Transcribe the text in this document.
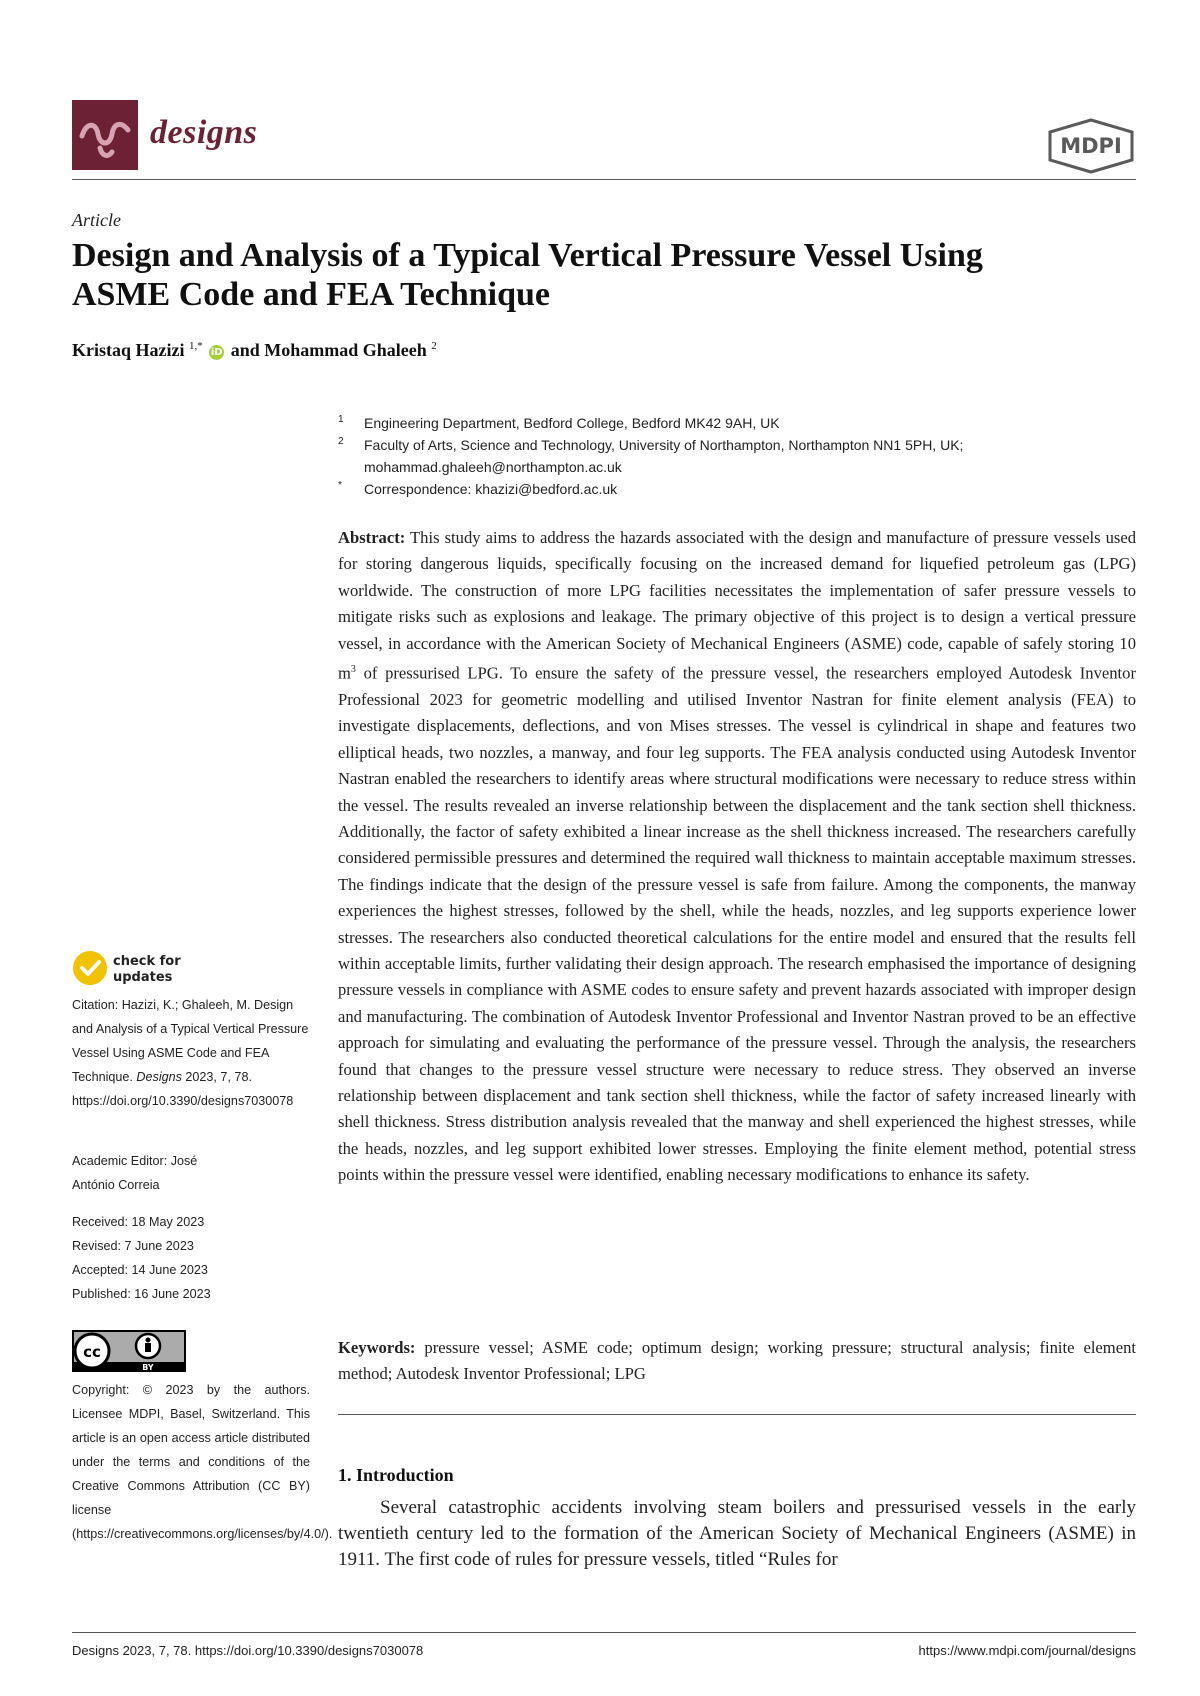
designs	MDPI
Article
Design and Analysis of a Typical Vertical Pressure Vessel Using
ASME Code and FEA Technique
Kristaq Hazizi $^{1,*}$ iD and Mohammad Ghaleeh $^2$
1 Engineering Department, Bedford College, Bedford MK42 9AH, UK
2 Faculty of Arts, Science and Technology, University of Northampton, Northampton NN1 5PH, UK;
mohammad.ghaleeh@northampton.ac.uk
* Correspondence: khazizi@bedford.ac.uk
Abstract: This study aims to address the hazards associated with the design and manufacture of pressure vessels used for storing dangerous liquids, specifically focusing on the increased demand for liquefied petroleum gas (LPG) worldwide. The construction of more LPG facilities necessitates the implementation of safer pressure vessels to mitigate risks such as explosions and leakage. The primary objective of this project is to design a vertical pressure vessel, in accordance with the American Society of Mechanical Engineers (ASME) code, capable of safely storing 10 $m^3$ of pressurised LPG. To ensure the safety of the pressure vessel, the researchers employed Autodesk Inventor Professional 2023 for geometric modelling and utilised Inventor Nastran for finite element analysis (FEA) to investigate displacements, deflections, and von Mises stresses. The vessel is cylindrical in shape and features two elliptical heads, two nozzles, a manway, and four leg supports. The FEA analysis conducted using Autodesk Inventor Nastran enabled the researchers to identify areas where structural modifications were necessary to reduce stress within the vessel. The results revealed an inverse relationship between the displacement and the tank section shell thickness. Additionally, the factor of safety exhibited a linear increase as the shell thickness increased. The researchers carefully considered permissible pressures and determined the required wall thickness to maintain acceptable maximum stresses. The findings indicate that the design of the pressure vessel is safe from failure. Among the components, the manway experiences the highest stresses, followed by the shell, while the heads, nozzles, and leg supports experience lower stresses. The researchers also conducted theoretical calculations for the entire model and ensured that the results fell within acceptable limits, further validating their design approach. The research emphasised the importance of designing pressure vessels in compliance with ASME codes to ensure safety and prevent hazards associated with improper design and manufacturing. The combination of Autodesk Inventor Professional and Inventor Nastran proved to be an effective approach for simulating and evaluating the performance of the pressure vessel. Through the analysis, the researchers found that changes to the pressure vessel structure were necessary to reduce stress. They observed an inverse relationship between displacement and tank section shell thickness, while the factor of safety increased linearly with shell thickness. Stress distribution analysis revealed that the manway and shell experienced the highest stresses, while the heads, nozzles, and leg support exhibited lower stresses. Employing the finite element method, potential stress points within the pressure vessel were identified, enabling necessary modifications to enhance its safety.
Keywords: pressure vessel; ASME code; optimum design; working pressure; structural analysis; finite element method; Autodesk Inventor Professional; LPG
1. Introduction
Several catastrophic accidents involving steam boilers and pressurised vessels in the early twentieth century led to the formation of the American Society of Mechanical Engineers (ASME) in 1911. The first code of rules for pressure vessels, titled “Rules for
check for
updates
Citation: Hazizi, K.; Ghaleeh, M. Design and Analysis of a Typical Vertical Pressure Vessel Using ASME Code and FEA Technique. Designs 2023, 7, 78. https://doi.org/10.3390/designs7030078
Academic Editor: José
António Correia
Received: 18 May 2023
Revised: 7 June 2023
Accepted: 14 June 2023
Published: 16 June 2023
cc
BY
Copyright: © 2023 by the authors. Licensee MDPI, Basel, Switzerland. This article is an open access article distributed under the terms and conditions of the Creative Commons Attribution (CC BY) license (https://creativecommons.org/licenses/by/4.0/).
Designs 2023, 7, 78. https://doi.org/10.3390/designs7030078	https://www.mdpi.com/journal/designs
